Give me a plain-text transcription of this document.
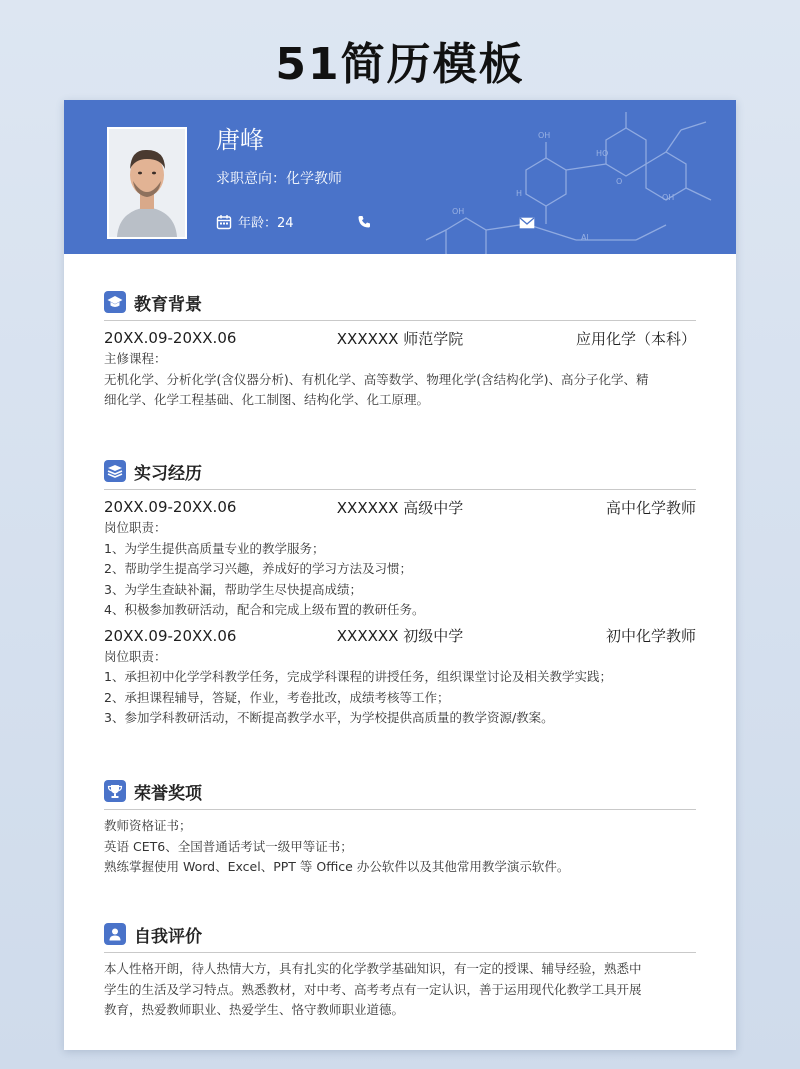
51简历模板
OH
HO
OH
O
Al
OH
H
唐峰
求职意向：化学教师
年龄：24
教育背景
20XX.09-20XX.06	XXXXXX 师范学院	应用化学（本科）
主修课程：
无机化学、分析化学(含仪器分析)、有机化学、高等数学、物理化学(含结构化学)、高分子化学、精
细化学、化学工程基础、化工制图、结构化学、化工原理。
实习经历
20XX.09-20XX.06	XXXXXX 高级中学	高中化学教师
岗位职责：
1、为学生提供高质量专业的教学服务；
2、帮助学生提高学习兴趣，养成好的学习方法及习惯；
3、为学生查缺补漏，帮助学生尽快提高成绩；
4、积极参加教研活动，配合和完成上级布置的教研任务。
20XX.09-20XX.06	XXXXXX 初级中学	初中化学教师
岗位职责：
1、承担初中化学学科教学任务，完成学科课程的讲授任务，组织课堂讨论及相关教学实践；
2、承担课程辅导，答疑，作业，考卷批改，成绩考核等工作；
3、参加学科教研活动，不断提高教学水平，为学校提供高质量的教学资源/教案。
荣誉奖项
教师资格证书；
英语 CET6、全国普通话考试一级甲等证书；
熟练掌握使用 Word、Excel、PPT 等 Office 办公软件以及其他常用教学演示软件。
自我评价
本人性格开朗，待人热情大方，具有扎实的化学教学基础知识，有一定的授课、辅导经验，熟悉中
学生的生活及学习特点。熟悉教材，对中考、高考考点有一定认识，善于运用现代化教学工具开展
教育，热爱教师职业、热爱学生、恪守教师职业道德。
